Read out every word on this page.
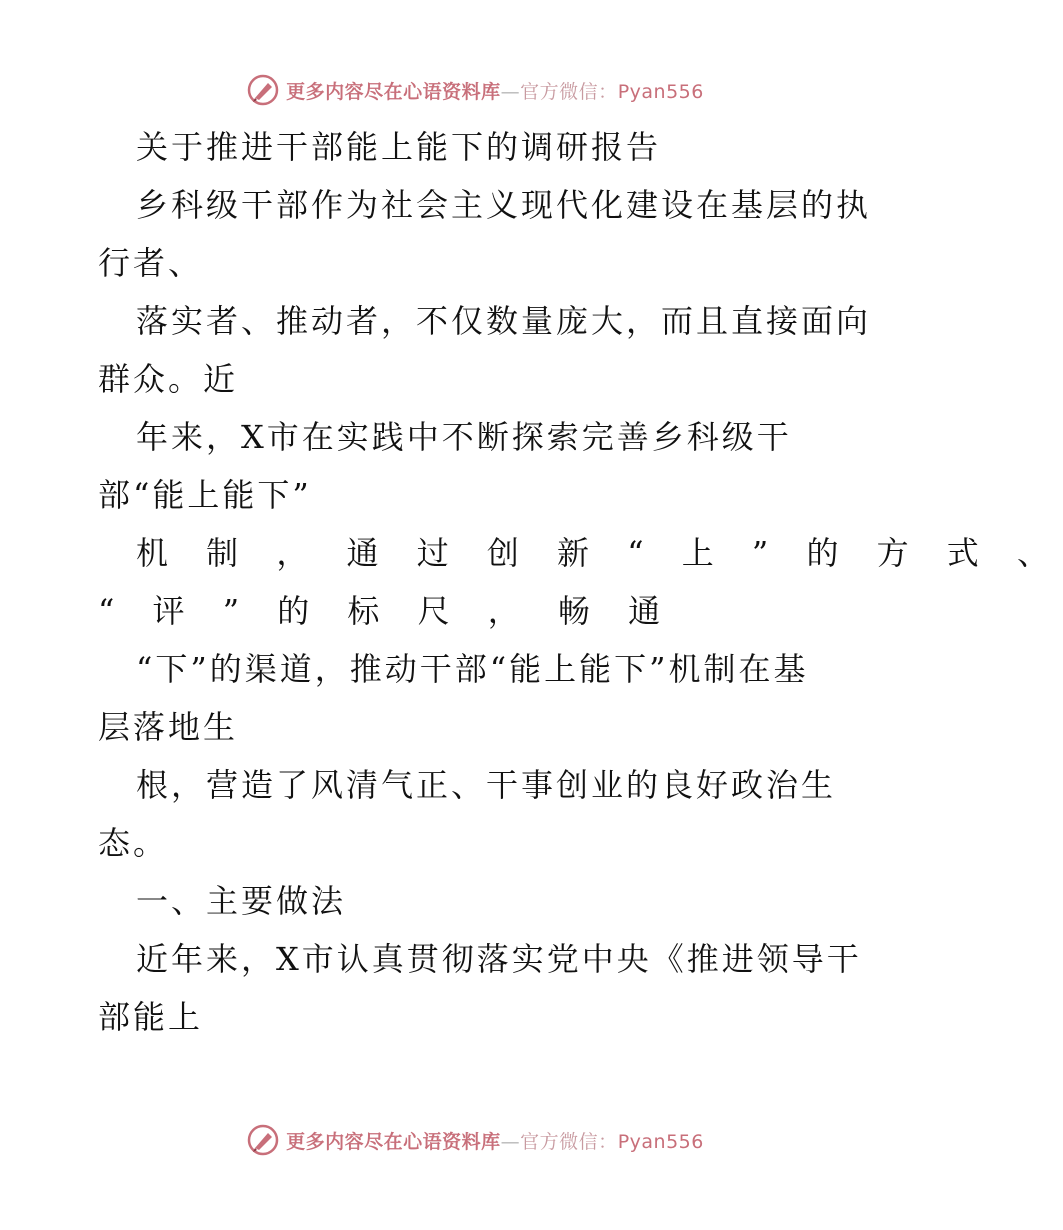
更多内容尽在心语资料库—官方微信：Pyan556
关于推进干部能上能下的调研报告
乡科级干部作为社会主义现代化建设在基层的执
行者、
落实者、推动者，不仅数量庞大，而且直接面向
群众。近
年来，X市在实践中不断探索完善乡科级干
部“能上能下”
机 制 ， 通 过 创 新 “ 上 ” 的 方 式 、
“ 评 ” 的 标 尺 ， 畅 通
“下”的渠道，推动干部“能上能下”机制在基
层落地生
根，营造了风清气正、干事创业的良好政治生
态。
一、主要做法
近年来，X市认真贯彻落实党中央《推进领导干
部能上
更多内容尽在心语资料库—官方微信：Pyan556
